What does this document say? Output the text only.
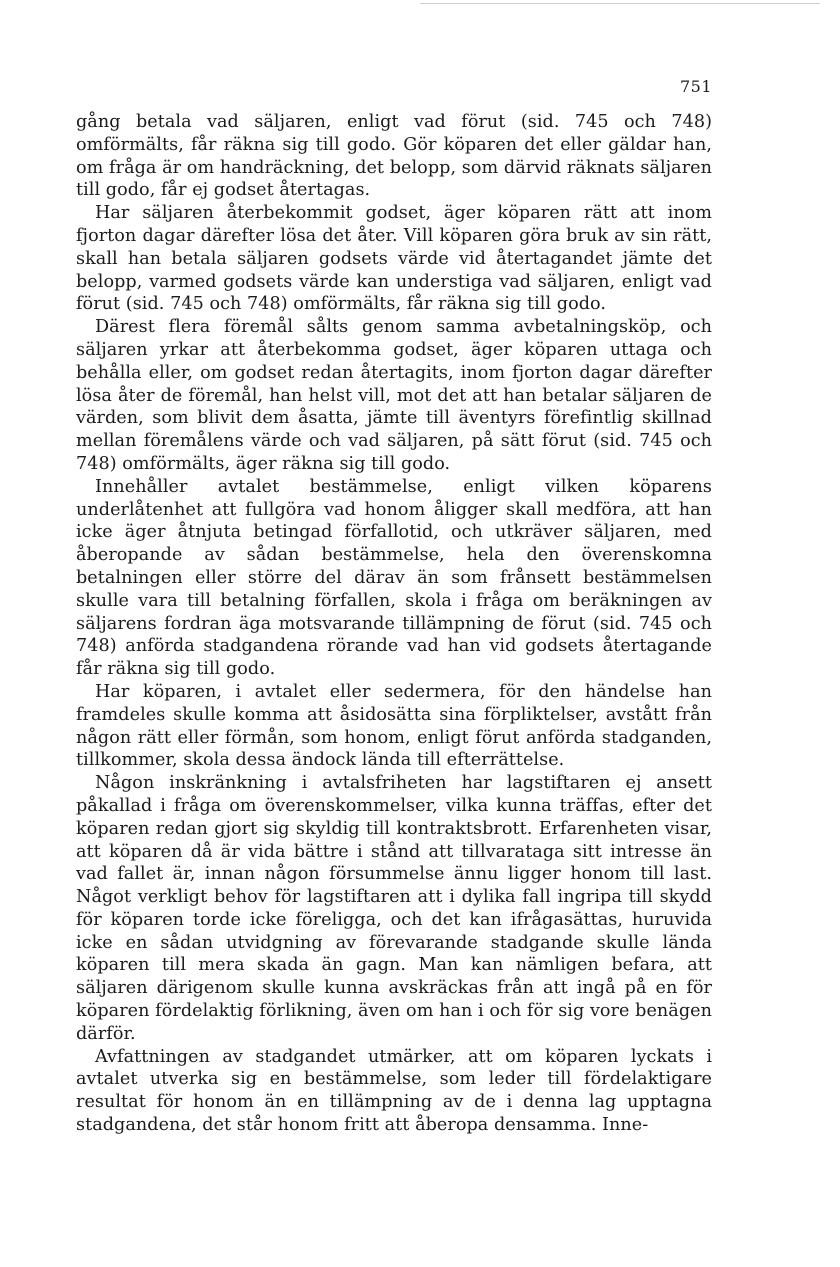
751

gång betala vad säljaren, enligt vad förut (sid. 745 och 748) omförmälts, får räkna sig till godo. Gör köparen det eller gäldar han, om fråga är om handräckning, det belopp, som därvid räknats säljaren till godo, får ej godset återtagas.

Har säljaren återbekommit godset, äger köparen rätt att inom fjorton dagar därefter lösa det åter. Vill köparen göra bruk av sin rätt, skall han betala säljaren godsets värde vid återtagandet jämte det belopp, varmed godsets värde kan understiga vad säljaren, enligt vad förut (sid. 745 och 748) omförmälts, får räkna sig till godo.

Därest flera föremål sålts genom samma avbetalningsköp, och säljaren yrkar att återbekomma godset, äger köparen uttaga och behålla eller, om godset redan återtagits, inom fjorton dagar därefter lösa åter de föremål, han helst vill, mot det att han betalar säljaren de värden, som blivit dem åsatta, jämte till äventyrs förefintlig skillnad mellan föremålens värde och vad säljaren, på sätt förut (sid. 745 och 748) omförmälts, äger räkna sig till godo.

Innehåller avtalet bestämmelse, enligt vilken köparens underlåtenhet att fullgöra vad honom åligger skall medföra, att han icke äger åtnjuta betingad förfallotid, och utkräver säljaren, med åberopande av sådan bestämmelse, hela den överenskomna betalningen eller större del därav än som frånsett bestämmelsen skulle vara till betalning förfallen, skola i fråga om beräkningen av säljarens fordran äga motsvarande tillämpning de förut (sid. 745 och 748) anförda stadgandena rörande vad han vid godsets återtagande får räkna sig till godo.

Har köparen, i avtalet eller sedermera, för den händelse han framdeles skulle komma att åsidosätta sina förpliktelser, avstått från någon rätt eller förmån, som honom, enligt förut anförda stadganden, tillkommer, skola dessa ändock lända till efterrättelse.

Någon inskränkning i avtalsfriheten har lagstiftaren ej ansett påkallad i fråga om överenskommelser, vilka kunna träffas, efter det köparen redan gjort sig skyldig till kontraktsbrott. Erfarenheten visar, att köparen då är vida bättre i stånd att tillvarataga sitt intresse än vad fallet är, innan någon försummelse ännu ligger honom till last. Något verkligt behov för lagstiftaren att i dylika fall ingripa till skydd för köparen torde icke föreligga, och det kan ifrågasättas, huruvida icke en sådan utvidgning av förevarande stadgande skulle lända köparen till mera skada än gagn. Man kan nämligen befara, att säljaren därigenom skulle kunna avskräckas från att ingå på en för köparen fördelaktig förlikning, även om han i och för sig vore benägen därför.

Avfattningen av stadgandet utmärker, att om köparen lyckats i avtalet utverka sig en bestämmelse, som leder till fördelaktigare resultat för honom än en tillämpning av de i denna lag upptagna stadgandena, det står honom fritt att åberopa densamma. Inne-
